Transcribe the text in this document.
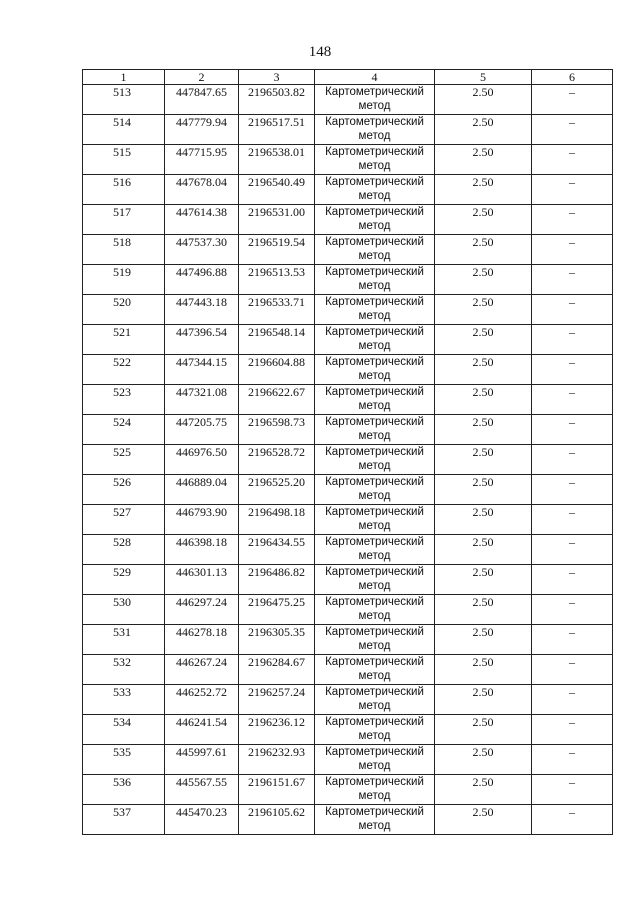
148
1	2	3	4	5	6
513	447847.65	2196503.82	Картометрический метод	2.50	–
514	447779.94	2196517.51	Картометрический метод	2.50	–
515	447715.95	2196538.01	Картометрический метод	2.50	–
516	447678.04	2196540.49	Картометрический метод	2.50	–
517	447614.38	2196531.00	Картометрический метод	2.50	–
518	447537.30	2196519.54	Картометрический метод	2.50	–
519	447496.88	2196513.53	Картометрический метод	2.50	–
520	447443.18	2196533.71	Картометрический метод	2.50	–
521	447396.54	2196548.14	Картометрический метод	2.50	–
522	447344.15	2196604.88	Картометрический метод	2.50	–
523	447321.08	2196622.67	Картометрический метод	2.50	–
524	447205.75	2196598.73	Картометрический метод	2.50	–
525	446976.50	2196528.72	Картометрический метод	2.50	–
526	446889.04	2196525.20	Картометрический метод	2.50	–
527	446793.90	2196498.18	Картометрический метод	2.50	–
528	446398.18	2196434.55	Картометрический метод	2.50	–
529	446301.13	2196486.82	Картометрический метод	2.50	–
530	446297.24	2196475.25	Картометрический метод	2.50	–
531	446278.18	2196305.35	Картометрический метод	2.50	–
532	446267.24	2196284.67	Картометрический метод	2.50	–
533	446252.72	2196257.24	Картометрический метод	2.50	–
534	446241.54	2196236.12	Картометрический метод	2.50	–
535	445997.61	2196232.93	Картометрический метод	2.50	–
536	445567.55	2196151.67	Картометрический метод	2.50	–
537	445470.23	2196105.62	Картометрический метод	2.50	–
